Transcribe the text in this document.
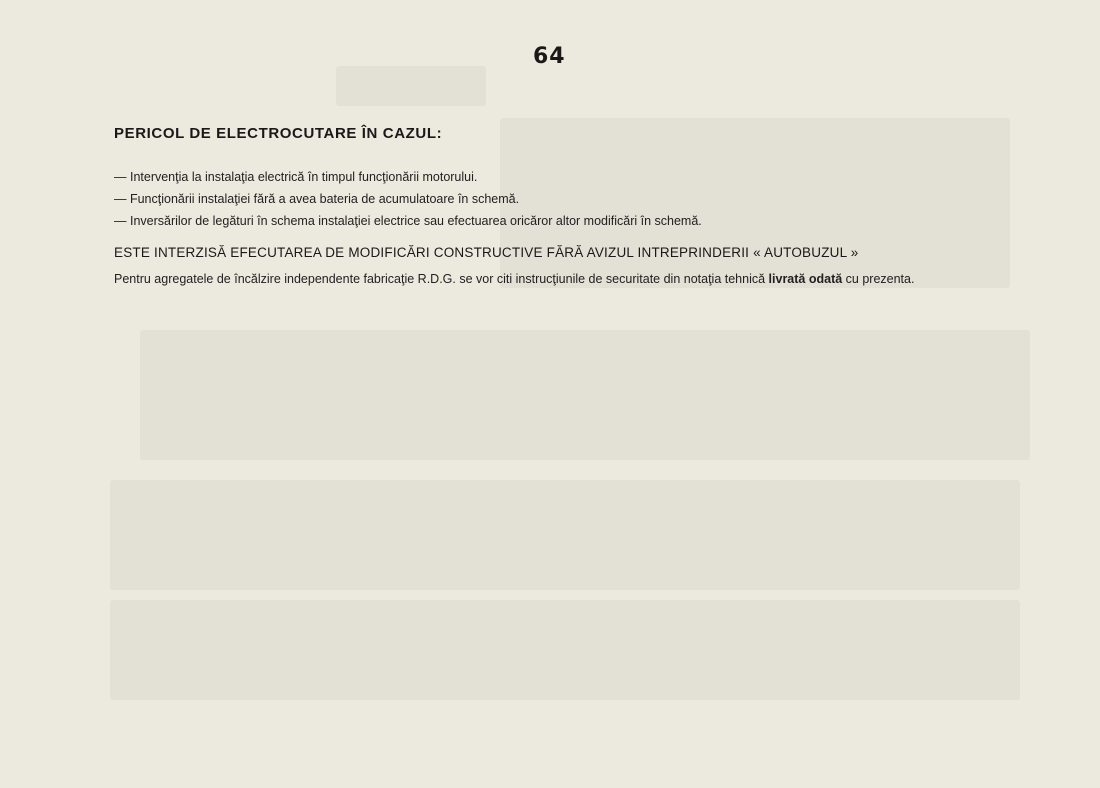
64
PERICOL DE ELECTROCUTARE ÎN CAZUL:
— Intervenţia la instalaţia electrică în timpul funcţionării motorului.
— Funcţionării instalaţiei fără a avea bateria de acumulatoare în schemă.
— Inversărilor de legături în schema instalaţiei electrice sau efectuarea oricăror altor modificări în schemă.
ESTE INTERZISĂ EFECUTAREA DE MODIFICĂRI CONSTRUCTIVE FĂRĂ AVIZUL INTREPRINDERII « AUTOBUZUL »

Pentru agregatele de încălzire independente fabricaţie R.D.G. se vor citi instrucţiunile de securitate din notaţia tehnică livrată odată cu prezenta.
